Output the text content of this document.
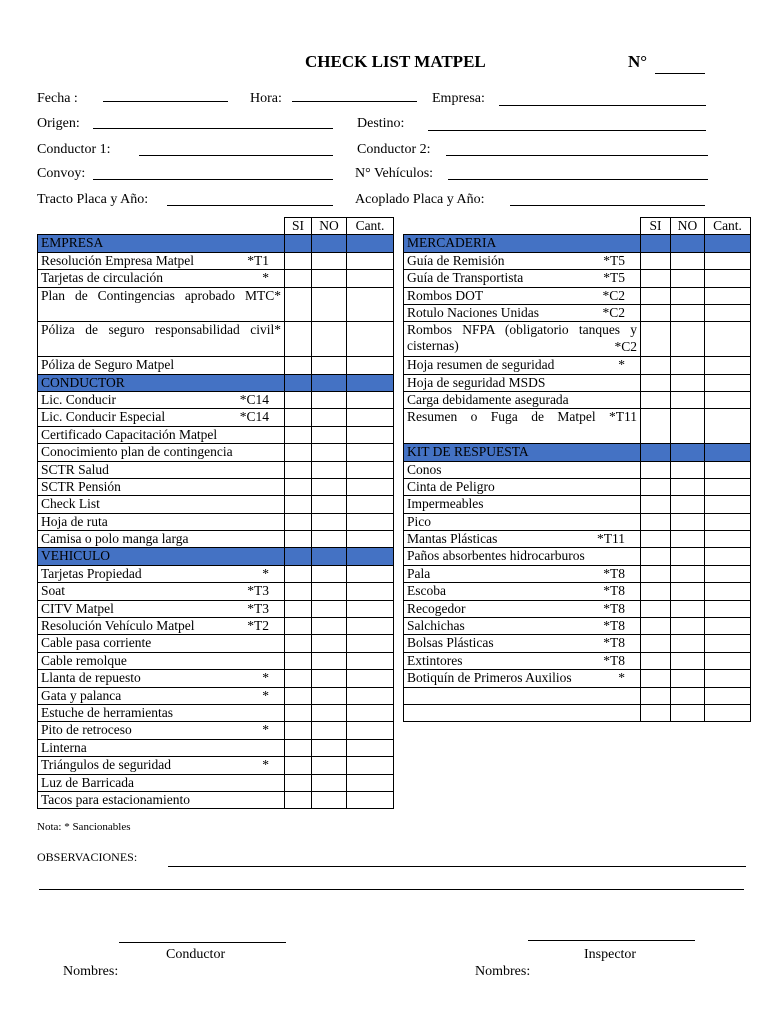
CHECK LIST MATPEL	N°
Fecha :	Hora:	Empresa:
Origen:	Destino:
Conductor 1:	Conductor 2:
Convoy:	N° Vehículos:
Tracto Placa y Año:	Acoplado Placa y Año:
	SI	NO	Cant.
EMPRESA			

Resolución Empresa Matpel *T1			

Tarjetas de circulación *			

Plan de Contingencias aprobado MTC*			

Póliza de seguro responsabilidad civil*			

Póliza de Seguro Matpel			

CONDUCTOR			

Lic. Conducir *C14			

Lic. Conducir Especial *C14			

Certificado Capacitación Matpel			

Conocimiento plan de contingencia			

SCTR Salud			

SCTR Pensión			

Check List			

Hoja de ruta			

Camisa o polo manga larga			

VEHICULO			

Tarjetas Propiedad *			

Soat *T3			

CITV Matpel *T3			

Resolución Vehículo Matpel *T2			

Cable pasa corriente			

Cable remolque			

Llanta de repuesto *			

Gata y palanca *			

Estuche de herramientas			

Pito de retroceso *			

Linterna			

Triángulos de seguridad *			

Luz de Barricada			

Tacos para estacionamiento			

	SI	NO	Cant.
MERCADERIA			

Guía de Remisión *T5			

Guía de Transportista *T5			

Rombos DOT *C2			

Rotulo Naciones Unidas *C2			

Rombos NFPA (obligatorio tanques y cisternas) *C2			

Hoja resumen de seguridad *			

Hoja de seguridad MSDS			

Carga debidamente asegurada			

Resumen o Fuga de Matpel *T11			

KIT DE RESPUESTA			

Conos			

Cinta de Peligro			

Impermeables			

Pico			

Mantas Plásticas *T11			

Paños absorbentes hidrocarburos			

Pala *T8			

Escoba *T8			

Recogedor *T8			

Salchichas *T8			

Bolsas Plásticas *T8			

Extintores *T8			

Botiquín de Primeros Auxilios *			

Nota: * Sancionables
OBSERVACIONES:
Conductor
Nombres:
Inspector
Nombres:
